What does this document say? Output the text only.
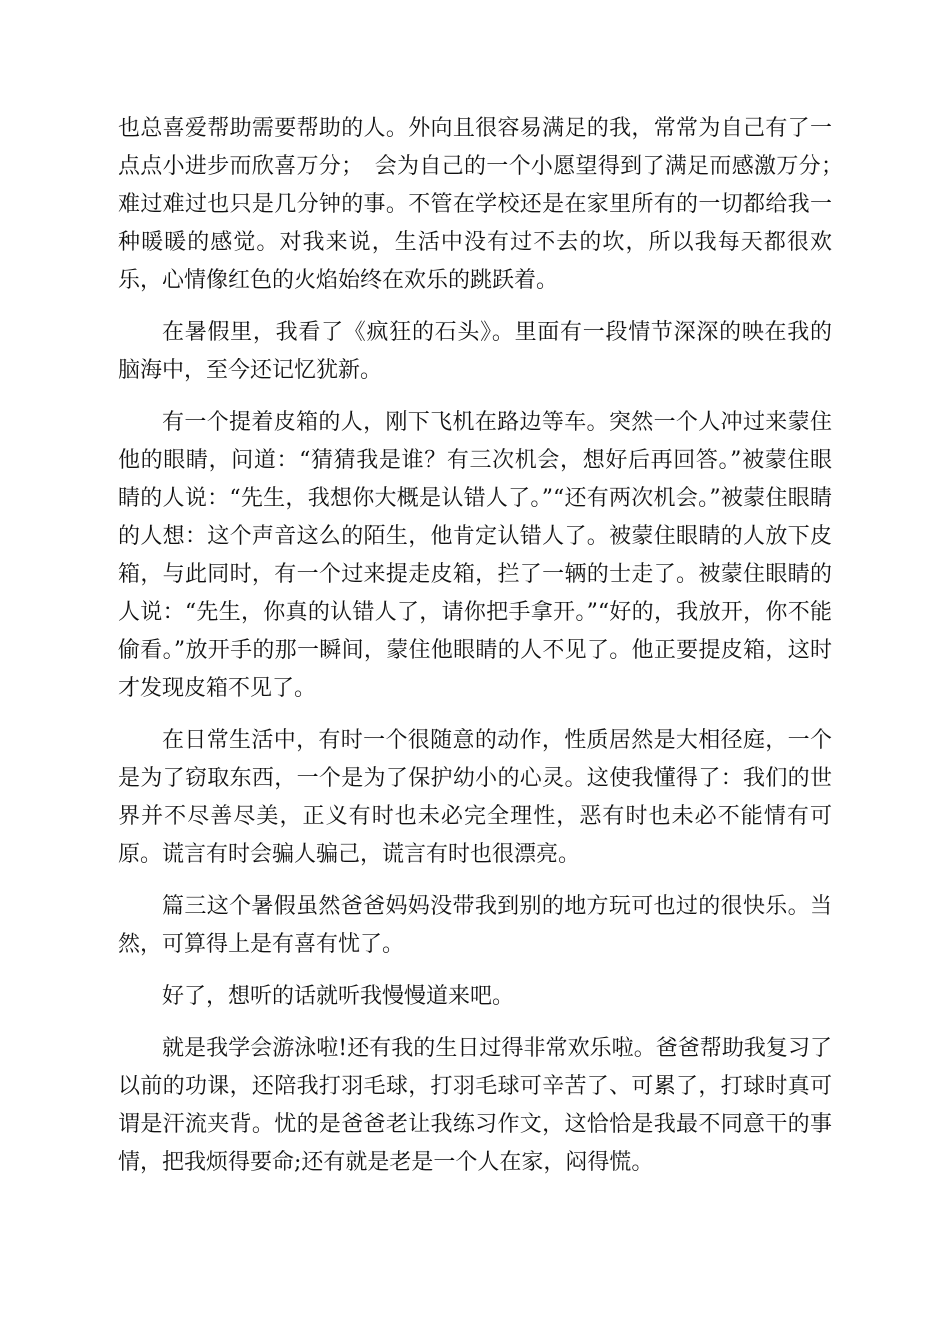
也总喜爱帮助需要帮助的人。外向且很容易满足的我，常常为自己有了一点点小进步而欣喜万分；　会为自己的一个小愿望得到了满足而感激万分；　难过难过也只是几分钟的事。不管在学校还是在家里所有的一切都给我一种暖暖的感觉。对我来说，生活中没有过不去的坎，所以我每天都很欢乐，心情像红色的火焰始终在欢乐的跳跃着。

在暑假里，我看了《疯狂的石头》。里面有一段情节深深的映在我的脑海中，至今还记忆犹新。

有一个提着皮箱的人，刚下飞机在路边等车。突然一个人冲过来蒙住他的眼睛，问道：“猜猜我是谁？有三次机会，想好后再回答。”被蒙住眼睛的人说：“先生，我想你大概是认错人了。”“还有两次机会。”被蒙住眼睛的人想：这个声音这么的陌生，他肯定认错人了。被蒙住眼睛的人放下皮箱，与此同时，有一个过来提走皮箱，拦了一辆的士走了。被蒙住眼睛的人说：“先生，你真的认错人了，请你把手拿开。”“好的，我放开，你不能偷看。”放开手的那一瞬间，蒙住他眼睛的人不见了。他正要提皮箱，这时才发现皮箱不见了。

在日常生活中，有时一个很随意的动作，性质居然是大相径庭，一个是为了窃取东西，一个是为了保护幼小的心灵。这使我懂得了：我们的世界并不尽善尽美，正义有时也未必完全理性，恶有时也未必不能情有可原。谎言有时会骗人骗己，谎言有时也很漂亮。

篇三这个暑假虽然爸爸妈妈没带我到别的地方玩可也过的很快乐。当然，可算得上是有喜有忧了。

好了，想听的话就听我慢慢道来吧。

就是我学会游泳啦!还有我的生日过得非常欢乐啦。爸爸帮助我复习了以前的功课，还陪我打羽毛球，打羽毛球可辛苦了、可累了，打球时真可谓是汗流夹背。忧的是爸爸老让我练习作文，这恰恰是我最不同意干的事情，把我烦得要命;还有就是老是一个人在家，闷得慌。
